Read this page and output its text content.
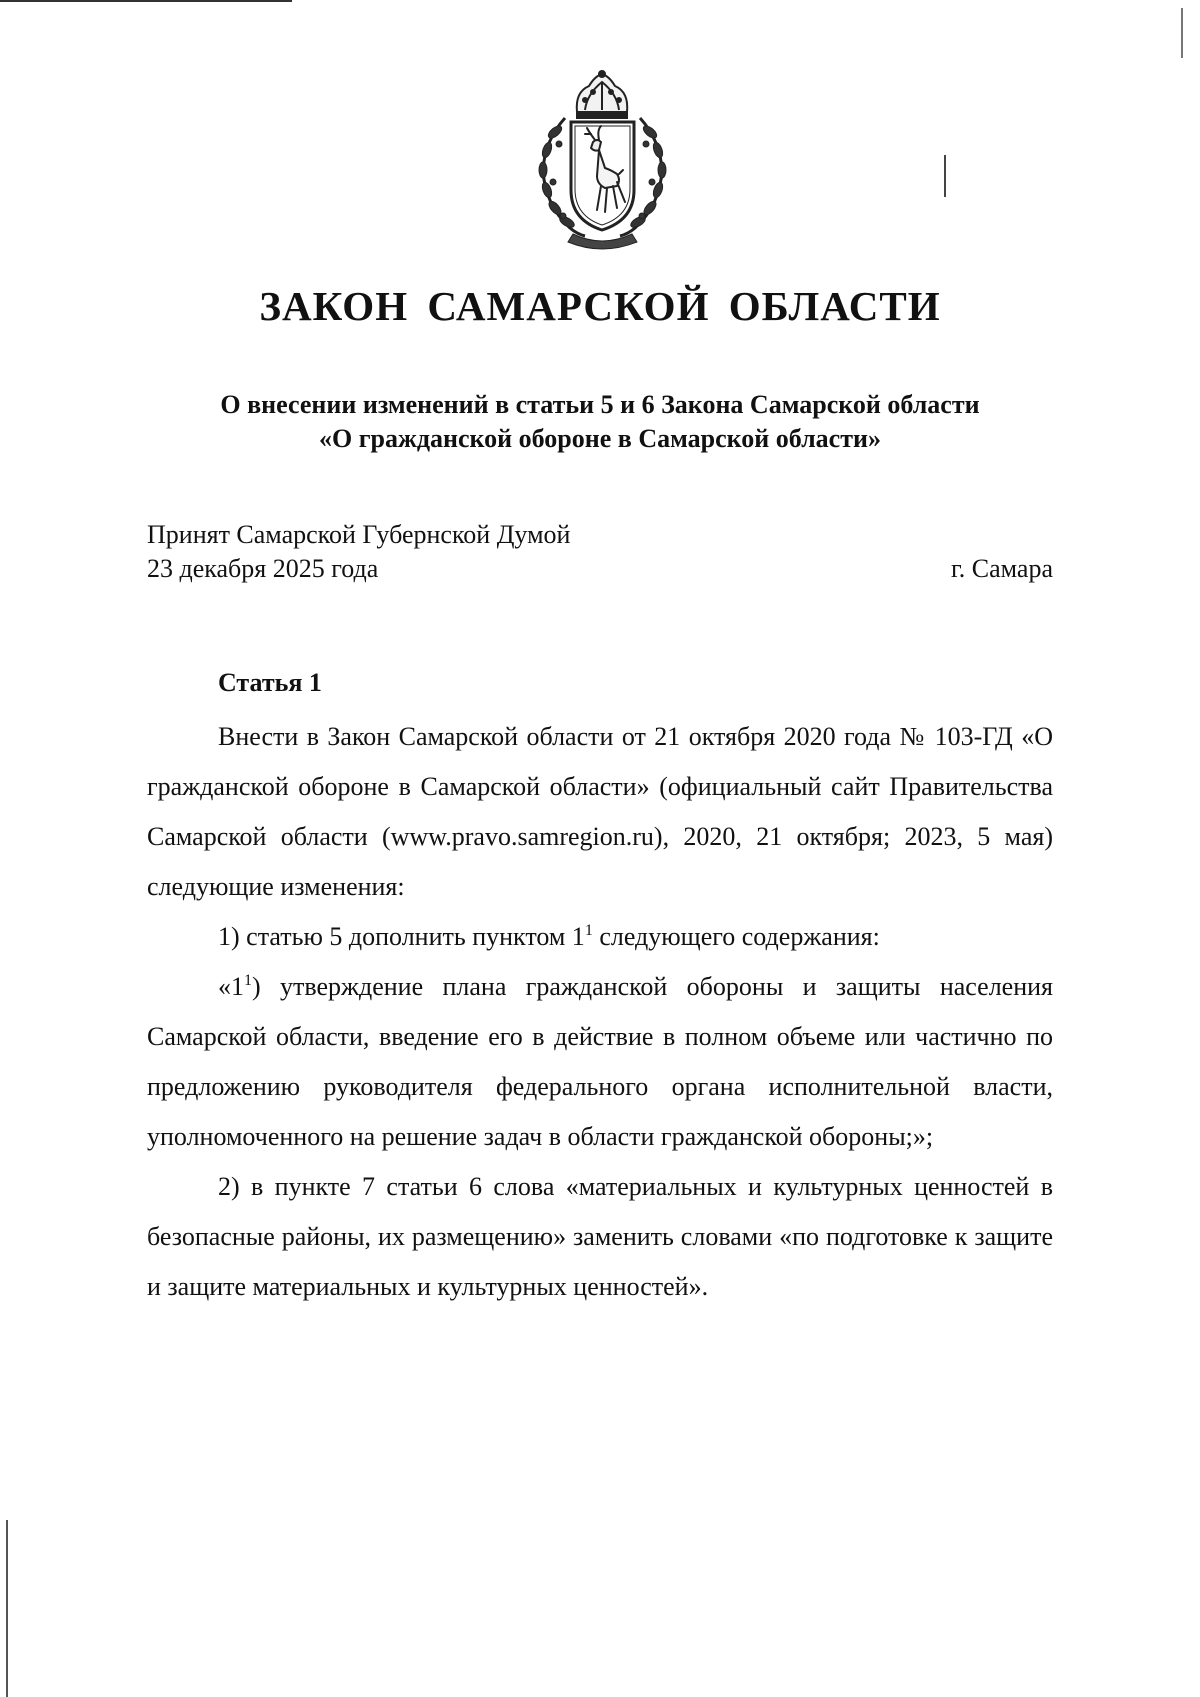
ЗАКОН САМАРСКОЙ ОБЛАСТИ
О внесении изменений в статьи 5 и 6 Закона Самарской области
«О гражданской обороне в Самарской области»
Принят Самарской Губернской Думой
23 декабря 2025 года	г. Самара
Статья 1

Внести в Закон Самарской области от 21 октября 2020 года № 103-ГД «О гражданской обороне в Самарской области» (официальный сайт Правительства Самарской области (www.pravo.samregion.ru), 2020, 21 октября; 2023, 5 мая) следующие изменения:

1) статью 5 дополнить пунктом $1^1$ следующего содержания:

«$1^1$) утверждение плана гражданской обороны и защиты населения Самарской области, введение его в действие в полном объеме или частично по предложению руководителя федерального органа исполнительной власти, уполномоченного на решение задач в области гражданской обороны;»;

2) в пункте 7 статьи 6 слова «материальных и культурных ценностей в безопасные районы, их размещению» заменить словами «по подготовке к защите и защите материальных и культурных ценностей».
